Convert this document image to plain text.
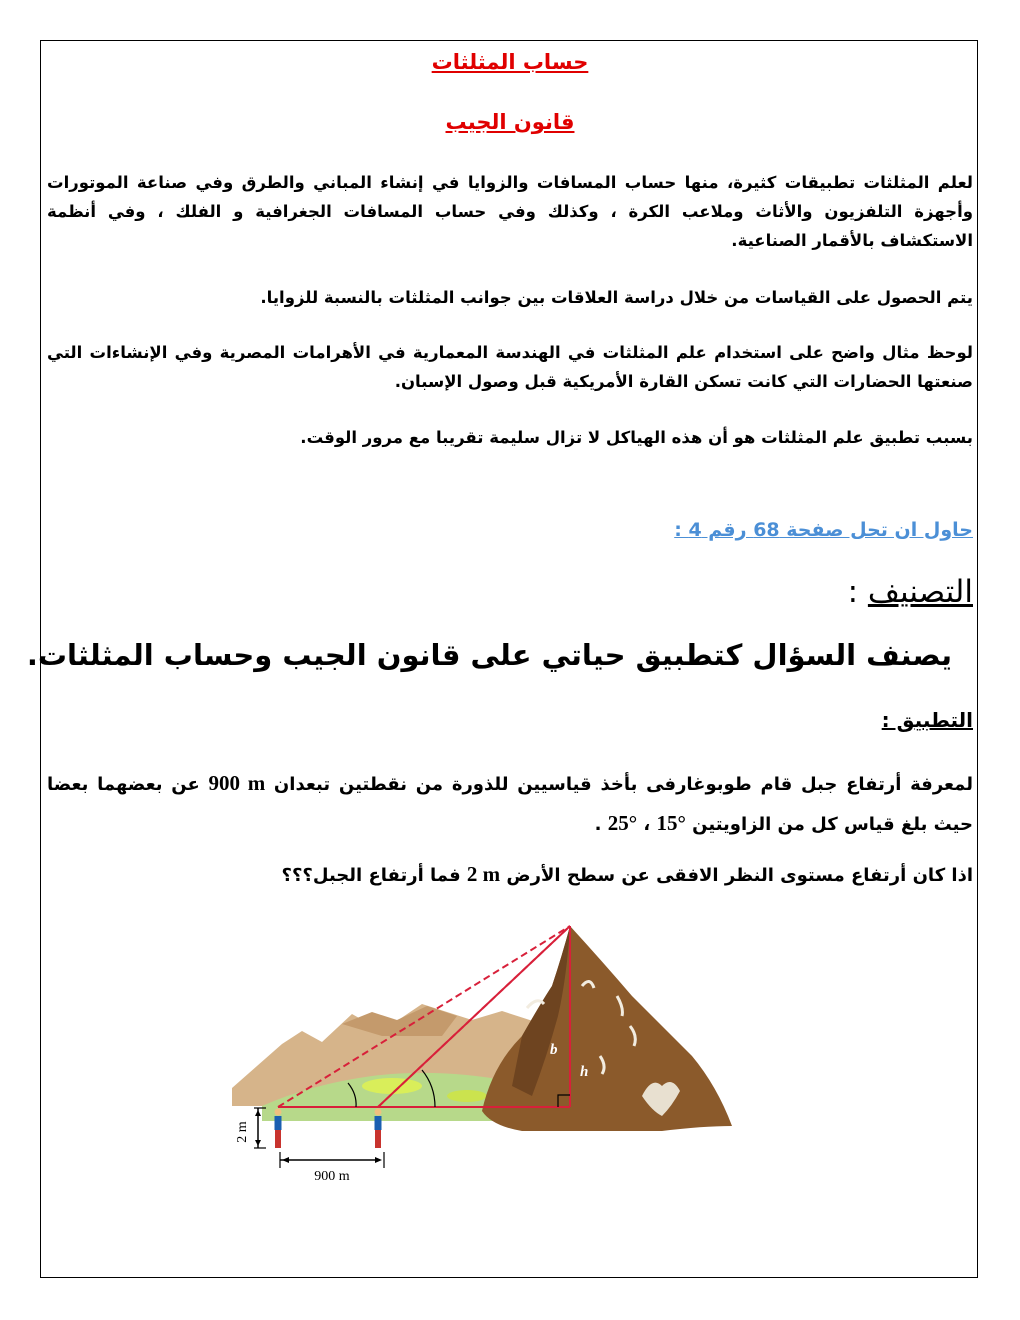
حساب المثلثات
قانون الجيب
لعلم المثلثات تطبيقات كثيرة، منها حساب المسافات والزوايا في إنشاء المباني والطرق وفي صناعة الموتورات وأجهزة التلفزيون والأثاث وملاعب الكرة ، وكذلك وفي حساب المسافات الجغرافية و الفلك ، وفي أنظمة الاستكشاف بالأقمار الصناعية.
يتم الحصول على القياسات من خلال دراسة العلاقات بين جوانب المثلثات بالنسبة للزوايا.
لوحظ مثال واضح على استخدام علم المثلثات في الهندسة المعمارية في الأهرامات المصرية وفي الإنشاءات التي صنعتها الحضارات التي كانت تسكن القارة الأمريكية قبل وصول الإسبان.
بسبب تطبيق علم المثلثات هو أن هذه الهياكل لا تزال سليمة تقريبا مع مرور الوقت.
حاول ان تحل صفحة 68 رقم 4 :
التصنيف :
يصنف السؤال كتطبيق حياتي على قانون الجيب وحساب المثلثات.
التطبيق :
لمعرفة أرتفاع جبل قام طوبوغارفى بأخذ قياسيين للذورة من نقطتين تبعدان 900 m عن بعضهما بعضا حيث بلغ قياس كل من الزاويتين 15° ، 25° .
اذا كان أرتفاع مستوى النظر الافقى عن سطح الأرض 2 m فما أرتفاع الجبل؟؟؟
b
h
2 m
900 m
